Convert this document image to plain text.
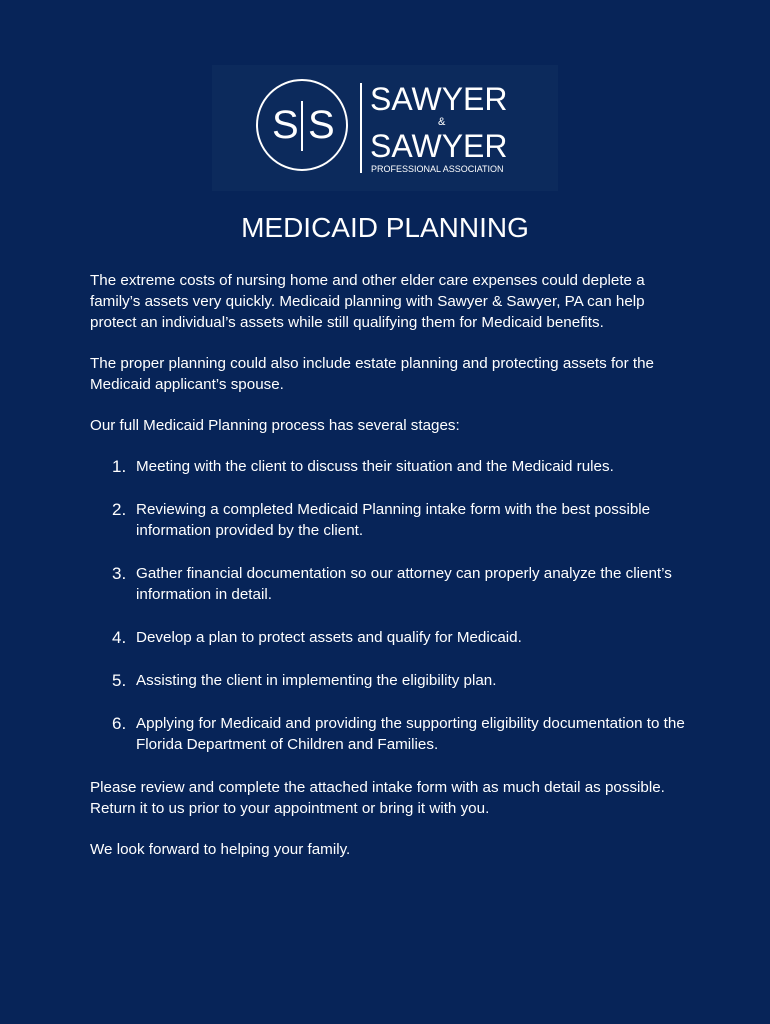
S S
SAWYER
&
SAWYER
PROFESSIONAL ASSOCIATION
MEDICAID PLANNING

The extreme costs of nursing home and other elder care expenses could deplete a family’s assets very quickly. Medicaid planning with Sawyer & Sawyer, PA can help protect an individual’s assets while still qualifying them for Medicaid benefits.

The proper planning could also include estate planning and protecting assets for the Medicaid applicant’s spouse.

Our full Medicaid Planning process has several stages:

1. Meeting with the client to discuss their situation and the Medicaid rules.
2. Reviewing a completed Medicaid Planning intake form with the best possible information provided by the client.
3. Gather financial documentation so our attorney can properly analyze the client’s information in detail.
4. Develop a plan to protect assets and qualify for Medicaid.
5. Assisting the client in implementing the eligibility plan.
6. Applying for Medicaid and providing the supporting eligibility documentation to the Florida Department of Children and Families.

Please review and complete the attached intake form with as much detail as possible. Return it to us prior to your appointment or bring it with you.

We look forward to helping your family.
